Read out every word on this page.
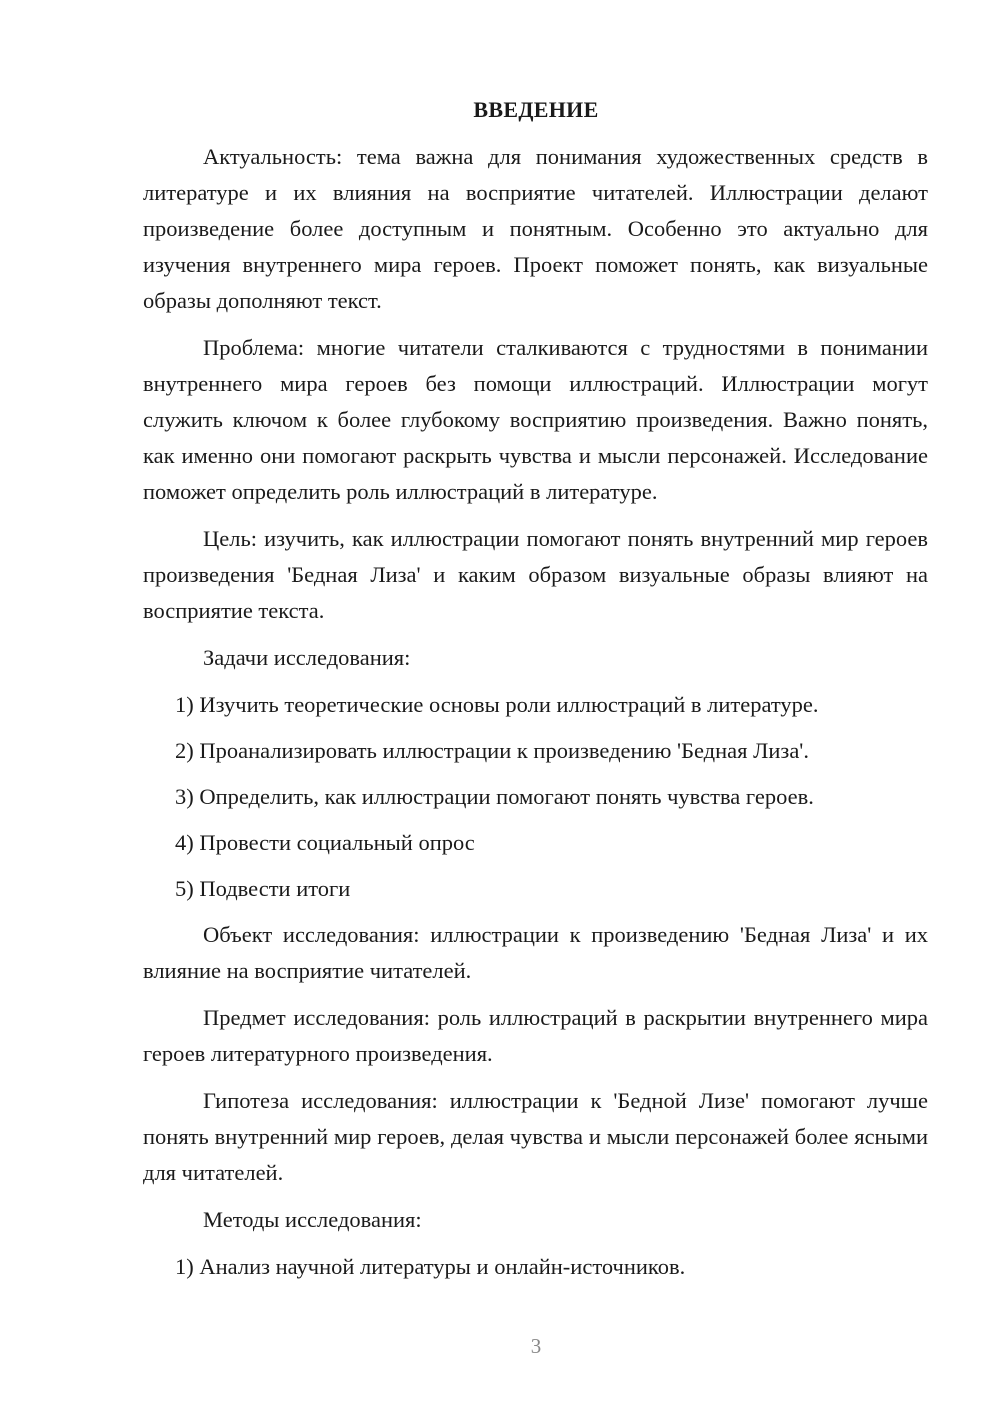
ВВЕДЕНИЕ

Актуальность: тема важна для понимания художественных средств в литературе и их влияния на восприятие читателей. Иллюстрации делают произведение более доступным и понятным. Особенно это актуально для изучения внутреннего мира героев. Проект поможет понять, как визуальные образы дополняют текст.

Проблема: многие читатели сталкиваются с трудностями в понимании внутреннего мира героев без помощи иллюстраций. Иллюстрации могут служить ключом к более глубокому восприятию произведения. Важно понять, как именно они помогают раскрыть чувства и мысли персонажей. Исследование поможет определить роль иллюстраций в литературе.

Цель: изучить, как иллюстрации помогают понять внутренний мир героев произведения 'Бедная Лиза' и каким образом визуальные образы влияют на восприятие текста.

Задачи исследования:

1) Изучить теоретические основы роли иллюстраций в литературе.
2) Проанализировать иллюстрации к произведению 'Бедная Лиза'.
3) Определить, как иллюстрации помогают понять чувства героев.
4) Провести социальный опрос
5) Подвести итоги

Объект исследования: иллюстрации к произведению 'Бедная Лиза' и их влияние на восприятие читателей.

Предмет исследования: роль иллюстраций в раскрытии внутреннего мира героев литературного произведения.

Гипотеза исследования: иллюстрации к 'Бедной Лизе' помогают лучше понять внутренний мир героев, делая чувства и мысли персонажей более ясными для читателей.

Методы исследования:

1) Анализ научной литературы и онлайн-источников.
3
